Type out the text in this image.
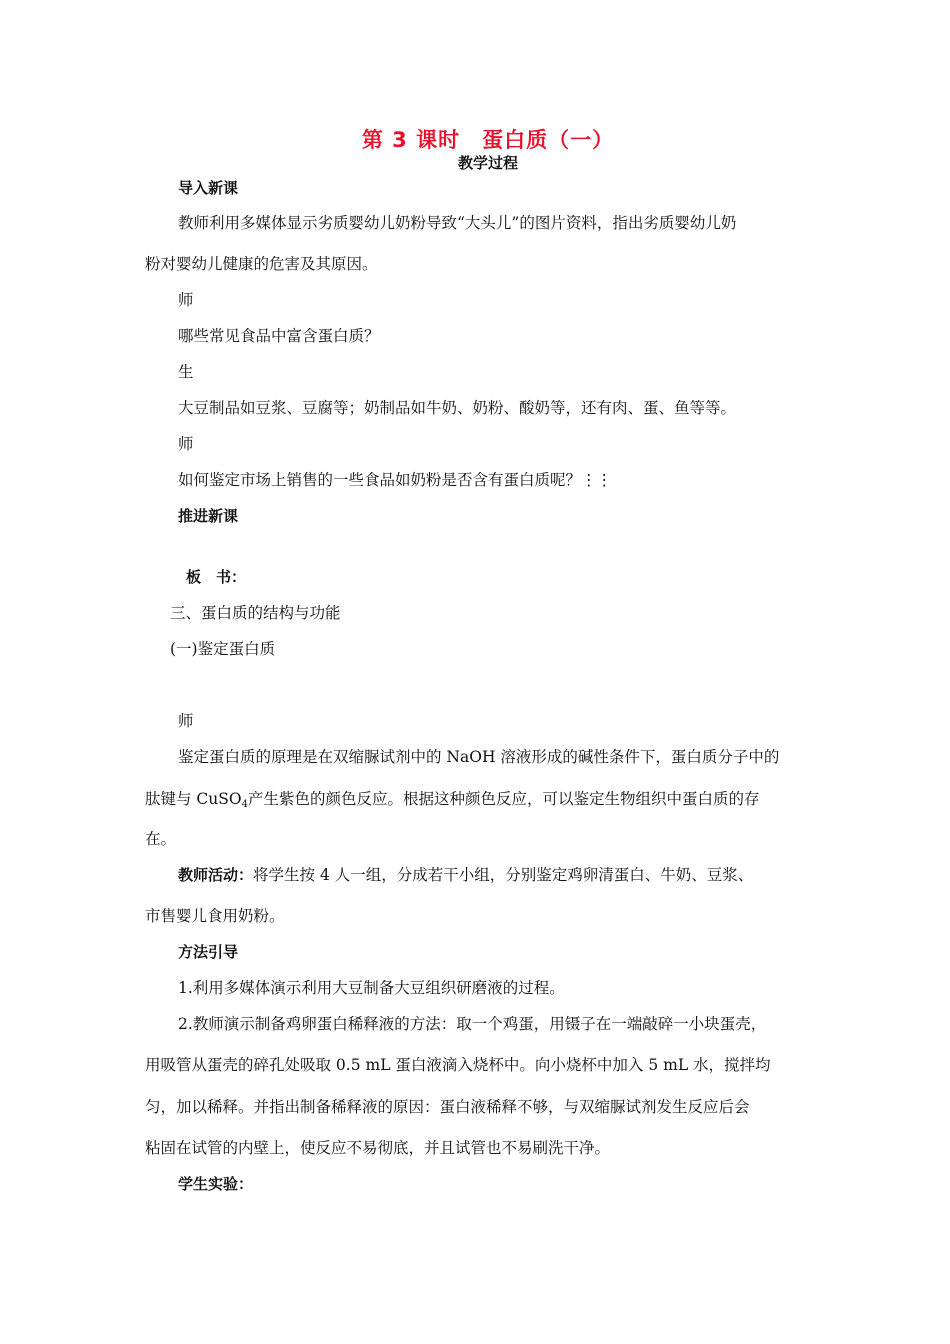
第 3 课时　蛋白质（一）
教学过程
导入新课
教师利用多媒体显示劣质婴幼儿奶粉导致“大头儿”的图片资料，指出劣质婴幼儿奶
粉对婴幼儿健康的危害及其原因。
师
哪些常见食品中富含蛋白质？
生
大豆制品如豆浆、豆腐等；奶制品如牛奶、奶粉、酸奶等，还有肉、蛋、鱼等等。
师
如何鉴定市场上销售的一些食品如奶粉是否含有蛋白质呢？⋮⋮
推进新课
板　书：
三、蛋白质的结构与功能
(一)鉴定蛋白质
师
鉴定蛋白质的原理是在双缩脲试剂中的 NaOH 溶液形成的碱性条件下，蛋白质分子中的
肽键与 CuSO$_4$产生紫色的颜色反应。根据这种颜色反应，可以鉴定生物组织中蛋白质的存
在。
教师活动：将学生按 4 人一组，分成若干小组，分别鉴定鸡卵清蛋白、牛奶、豆浆、
市售婴儿食用奶粉。
方法引导
1.利用多媒体演示利用大豆制备大豆组织研磨液的过程。
2.教师演示制备鸡卵蛋白稀释液的方法：取一个鸡蛋，用镊子在一端敲碎一小块蛋壳，
用吸管从蛋壳的碎孔处吸取 0.5 mL 蛋白液滴入烧杯中。向小烧杯中加入 5 mL 水，搅拌均
匀，加以稀释。并指出制备稀释液的原因：蛋白液稀释不够，与双缩脲试剂发生反应后会
粘固在试管的内壁上，使反应不易彻底，并且试管也不易刷洗干净。
学生实验：
